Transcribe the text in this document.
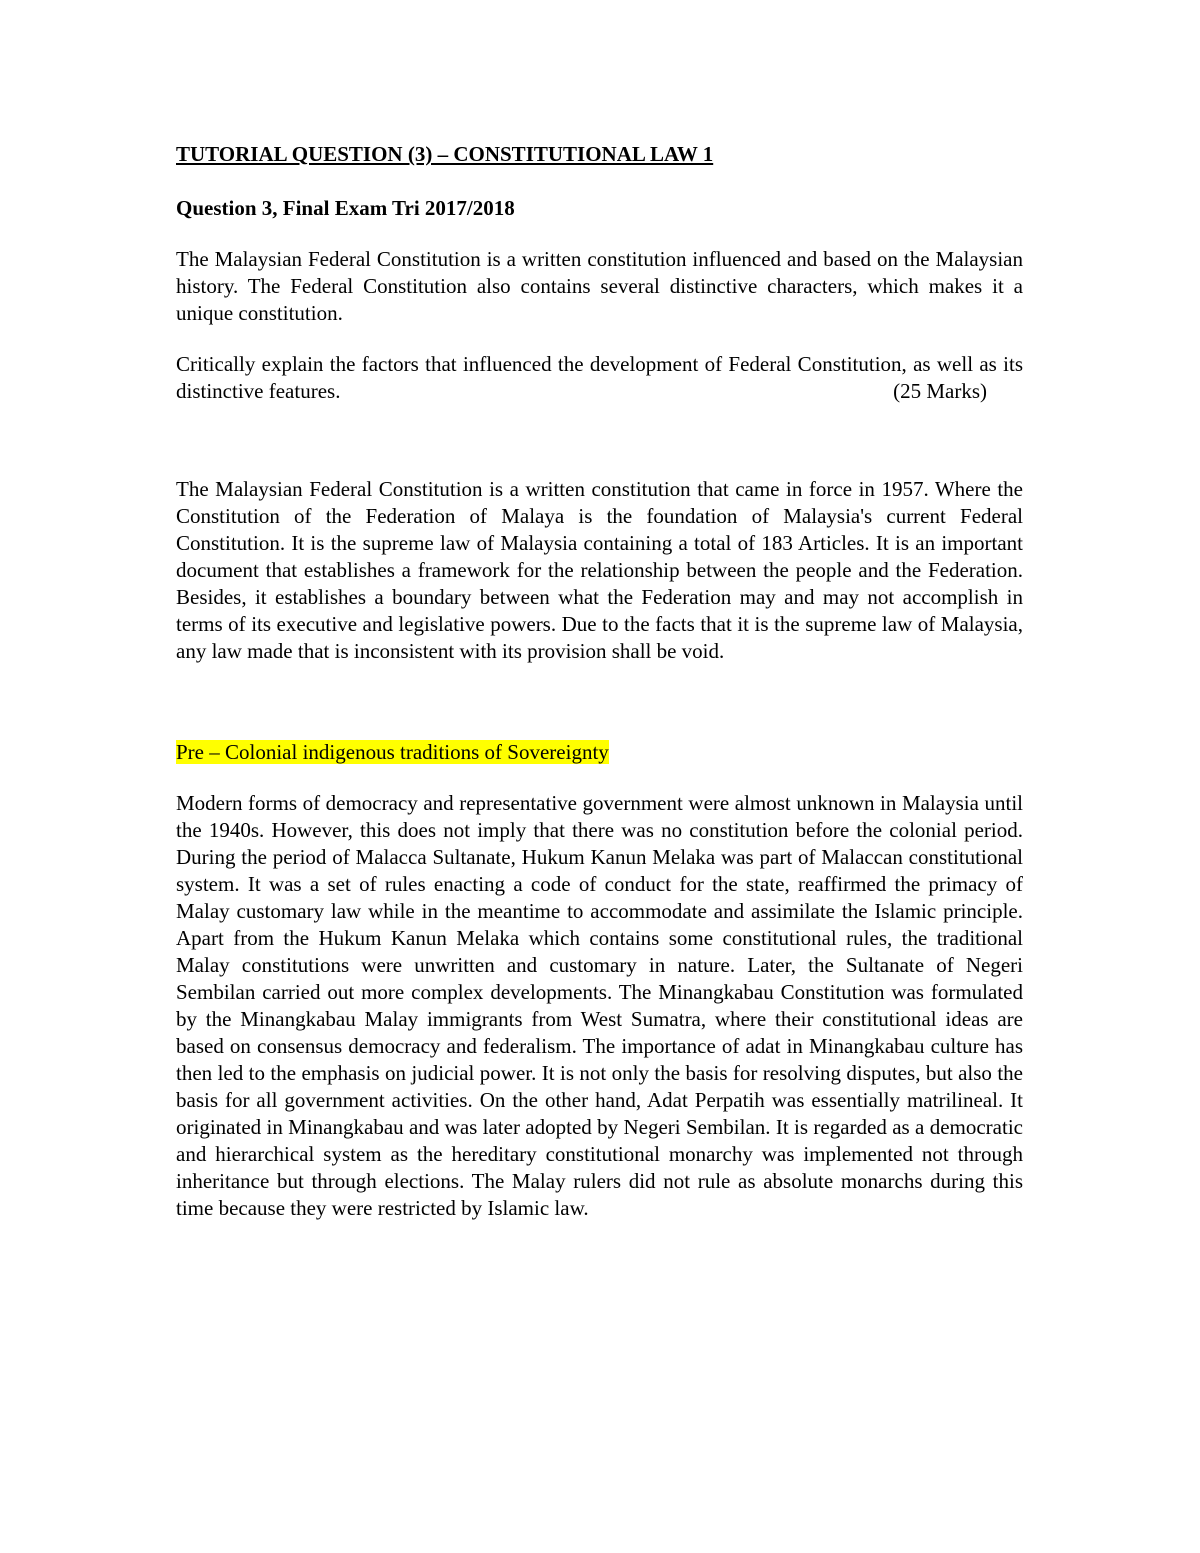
TUTORIAL QUESTION (3) – CONSTITUTIONAL LAW 1

Question 3, Final Exam Tri 2017/2018

The Malaysian Federal Constitution is a written constitution influenced and based on the Malaysian history. The Federal Constitution also contains several distinctive characters, which makes it a unique constitution.

Critically explain the factors that influenced the development of Federal Constitution, as well as its distinctive features.	(25 Marks)

The Malaysian Federal Constitution is a written constitution that came in force in 1957. Where the Constitution of the Federation of Malaya is the foundation of Malaysia's current Federal Constitution. It is the supreme law of Malaysia containing a total of 183 Articles. It is an important document that establishes a framework for the relationship between the people and the Federation. Besides, it establishes a boundary between what the Federation may and may not accomplish in terms of its executive and legislative powers. Due to the facts that it is the supreme law of Malaysia, any law made that is inconsistent with its provision shall be void.

Pre – Colonial indigenous traditions of Sovereignty

Modern forms of democracy and representative government were almost unknown in Malaysia until the 1940s. However, this does not imply that there was no constitution before the colonial period. During the period of Malacca Sultanate, Hukum Kanun Melaka was part of Malaccan constitutional system. It was a set of rules enacting a code of conduct for the state, reaffirmed the primacy of Malay customary law while in the meantime to accommodate and assimilate the Islamic principle. Apart from the Hukum Kanun Melaka which contains some constitutional rules, the traditional Malay constitutions were unwritten and customary in nature. Later, the Sultanate of Negeri Sembilan carried out more complex developments. The Minangkabau Constitution was formulated by the Minangkabau Malay immigrants from West Sumatra, where their constitutional ideas are based on consensus democracy and federalism. The importance of adat in Minangkabau culture has then led to the emphasis on judicial power. It is not only the basis for resolving disputes, but also the basis for all government activities. On the other hand, Adat Perpatih was essentially matrilineal. It originated in Minangkabau and was later adopted by Negeri Sembilan. It is regarded as a democratic and hierarchical system as the hereditary constitutional monarchy was implemented not through inheritance but through elections. The Malay rulers did not rule as absolute monarchs during this time because they were restricted by Islamic law.
